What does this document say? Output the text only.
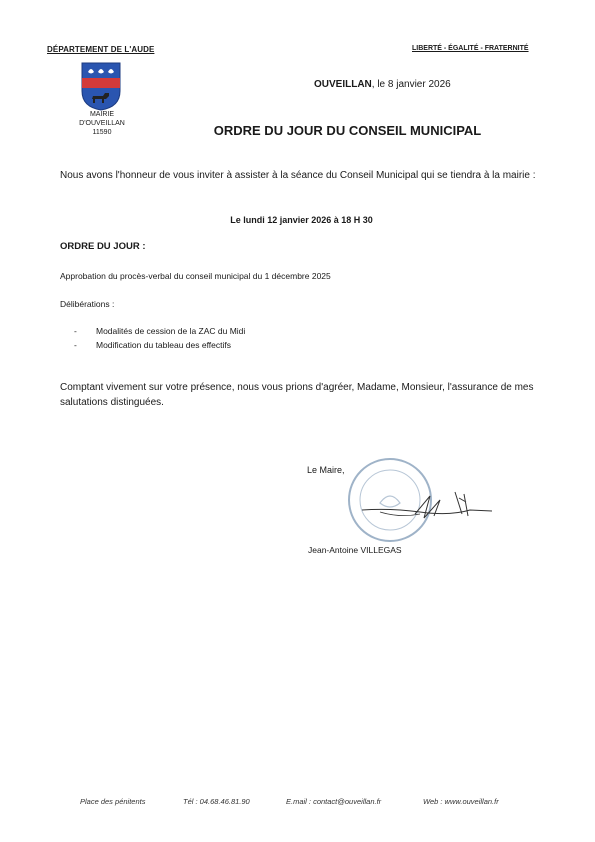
DÉPARTEMENT DE L'AUDE	LIBERTÉ - ÉGALITÉ - FRATERNITÉ
MAIRIE
D'OUVEILLAN
11590
OUVEILLAN, le 8 janvier 2026
ORDRE DU JOUR DU CONSEIL MUNICIPAL
Nous avons l'honneur de vous inviter à assister à la séance du Conseil Municipal qui se tiendra à la mairie :
Le lundi 12 janvier 2026 à 18 H 30
ORDRE DU JOUR :
Approbation du procès-verbal du conseil municipal du 1 décembre 2025
Délibérations :
- Modalités de cession de la ZAC du Midi
- Modification du tableau des effectifs
Comptant vivement sur votre présence, nous vous prions d'agréer, Madame, Monsieur, l'assurance de mes salutations distinguées.
Le Maire,
Jean-Antoine VILLEGAS
Place des pénitents	Tél : 04.68.46.81.90	E.mail : contact@ouveillan.fr	Web : www.ouveillan.fr
